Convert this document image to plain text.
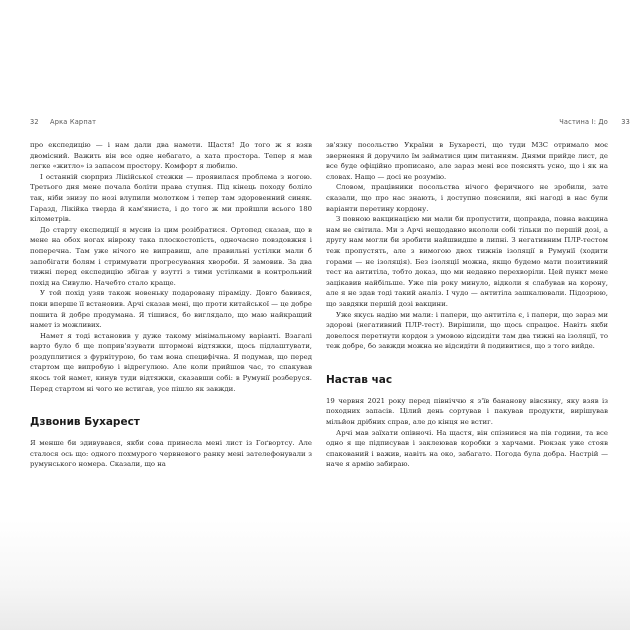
32 Арка Карпат

про експедицію — і нам дали два намети. Щастя! До того ж я взяв двомісний. Важить він все одне небагато, а хата простора. Тепер я мав легке «житло» із запасом простору. Комфорт я любилю.

І останній сюрприз Лікійської стежки — проявилася проблема з ногою. Третього дня мене почала боліти права ступня. Під кінець походу боліло так, ніби знизу по нозі влупили молотком і тепер там здоровенний синяк. Гаразд, Лікійка тверда й кам'яниста, і до того ж ми пройшли всього 180 кілометрів.

До старту експедиції я мусив із цим розібратися. Ортопед сказав, що в мене на обох ногах нівроку така плоскостопість, одночасно повздовжня і поперечна. Там уже нічого не виправиш, але правильні устілки мали б запобігати болям і стримувати прогресування хвороби. Я замовив. За два тижні перед експедицію збігав у взутті з тими устілками в контрольний похід на Сивулю. Начебто стало краще.

У той похід узяв також новеньку подаровану піраміду. Довго бавився, поки вперше її встановив. Арчі сказав мені, що проти китайської — це добре пошита й добре продумана. Я тішився, бо виглядало, що маю найкращий намет із можливих.

Намет я тоді встановив у дуже такому мінімальному варіанті. Взагалі варто було б ще поприв'язувати штормові відтяжки, щось підлаштувати, роздуплитися з фурнітурою, бо там вона специфічна. Я подумав, що перед стартом ще випробую і відрегулюю. Але коли прийшов час, то спакував якось той намет, кинув туди відтяжки, сказавши собі: в Румунії розберуся. Перед стартом ні чого не встигав, усе пішло як завжди.

Дзвонив Бухарест

Я менше би здивувався, якби сова принесла мені лист із Гоґвортсу. Але сталося ось що: одного похмурого червневого ранку мені зателефонували з румунського номера. Сказали, що на

Частина І: До 33

зв'язку посольство України в Бухаресті, що туди МЗС отримало моє звернення й доручило їм займатися цим питанням. Днями прийде лист, де все буде офіційно прописано, але зараз мені все пояснять усно, що і як на словах. Нащо — досі не розумію.

Словом, працівники посольства нічого феричного не зробили, зате сказали, що про нас знають, і доступно пояснили, які нагоді в нас були варіанти перетину кордону.

З повною вакцинацією ми мали би пропустити, щоправда, повна вакцина нам не світила. Ми з Арчі нещодавно вкололи собі тільки по першій дозі, а другу нам могли би зробити найшвидше в липні. З негативним ПЛР-тестом теж пропустять, але з вимогою двох тижнів ізоляції в Румунії (ходити горами — не ізоляція). Без ізоляції можна, якщо будемо мати позитивний тест на антитіла, тобто доказ, що ми недавно перехворіли. Цей пункт мене зацікавив найбільше. Уже пів року минуло, відколи я слабував на корону, але я не здав тоді такий аналіз. І чудо — антитіла зашкалювали. Підозрюю, що завдяки першій дозі вакцини.

Уже якусь надію ми мали: і папери, що антитіла є, і папери, що зараз ми здорові (негативний ПЛР-тест). Вирішили, що щось спрацює. Навіть якби довелося перетнути кордон з умовою відсидіти там два тижні на ізоляції, то теж добре, бо завжди можна не відсидіти й подивитися, що з того вийде.

Настав час

19 червня 2021 року перед північчю я з'їв бананову вівсянку, яку взяв із походних запасів. Цілий день сортував і пакував продукти, вирішував мільйон дрібних справ, але до кінця не встиг.

Арчі мав заїхати опівночі. На щастя, він спізнився на пів години, та все одно я ще підписував і заклеював коробки з харчами. Рюкзак уже стояв спакований і важив, навіть на око, забагато. Погода була добра. Настрій — наче я армію забираю.
